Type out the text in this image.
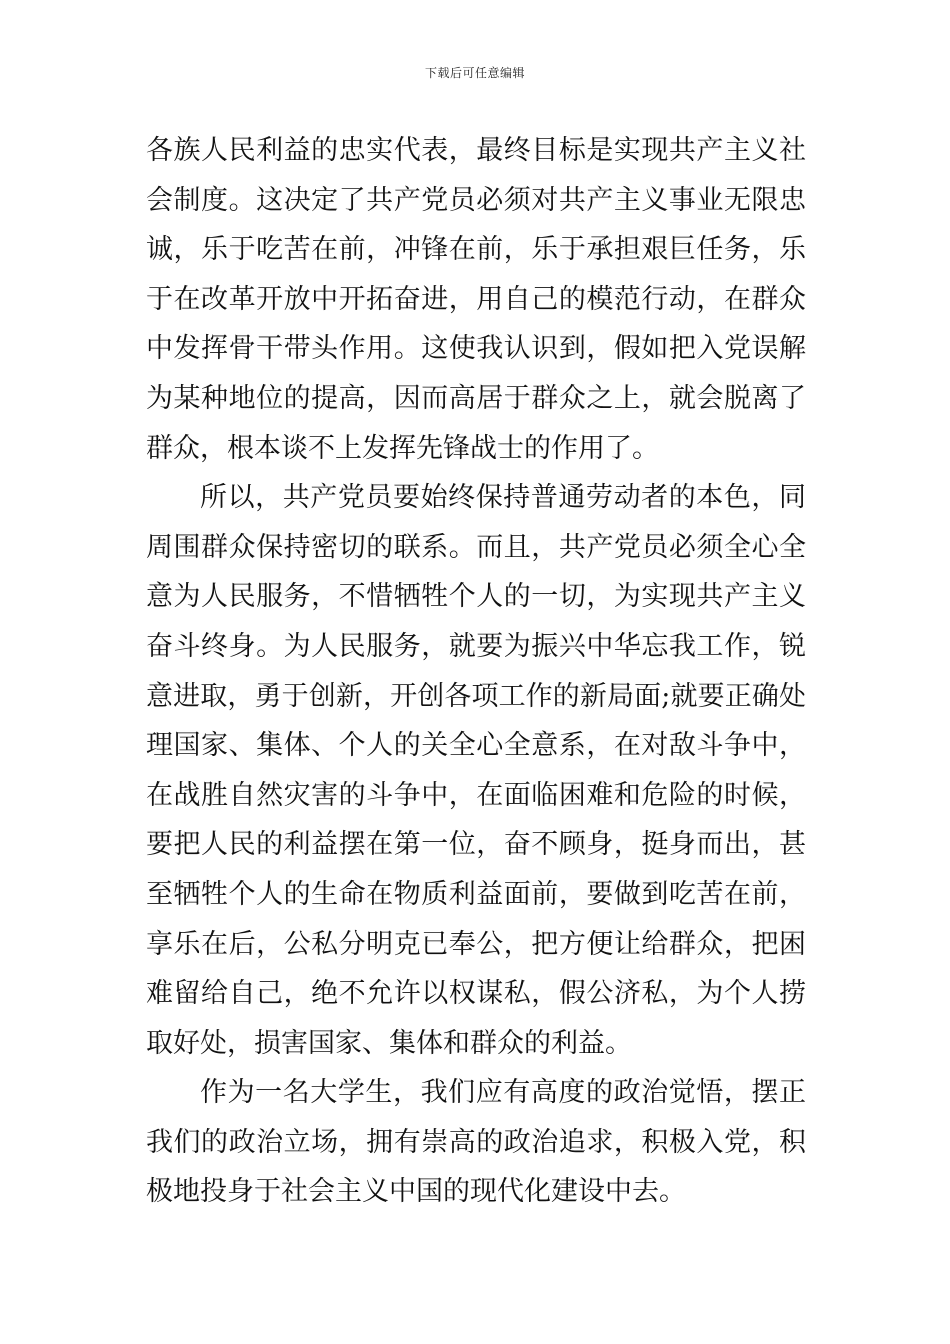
下载后可任意编辑

各族人民利益的忠实代表，最终目标是实现共产主义社会制度。这决定了共产党员必须对共产主义事业无限忠诚，乐于吃苦在前，冲锋在前，乐于承担艰巨任务，乐于在改革开放中开拓奋进，用自己的模范行动，在群众中发挥骨干带头作用。这使我认识到，假如把入党误解为某种地位的提高，因而高居于群众之上，就会脱离了群众，根本谈不上发挥先锋战士的作用了。

所以，共产党员要始终保持普通劳动者的本色，同周围群众保持密切的联系。而且，共产党员必须全心全意为人民服务，不惜牺牲个人的一切，为实现共产主义奋斗终身。为人民服务，就要为振兴中华忘我工作，锐意进取，勇于创新，开创各项工作的新局面;就要正确处理国家、集体、个人的关全心全意系，在对敌斗争中，在战胜自然灾害的斗争中，在面临困难和危险的时候，要把人民的利益摆在第一位，奋不顾身，挺身而出，甚至牺牲个人的生命在物质利益面前，要做到吃苦在前，享乐在后，公私分明克已奉公，把方便让给群众，把困难留给自己，绝不允许以权谋私，假公济私，为个人捞取好处，损害国家、集体和群众的利益。

作为一名大学生，我们应有高度的政治觉悟，摆正我们的政治立场，拥有崇高的政治追求，积极入党，积极地投身于社会主义中国的现代化建设中去。
